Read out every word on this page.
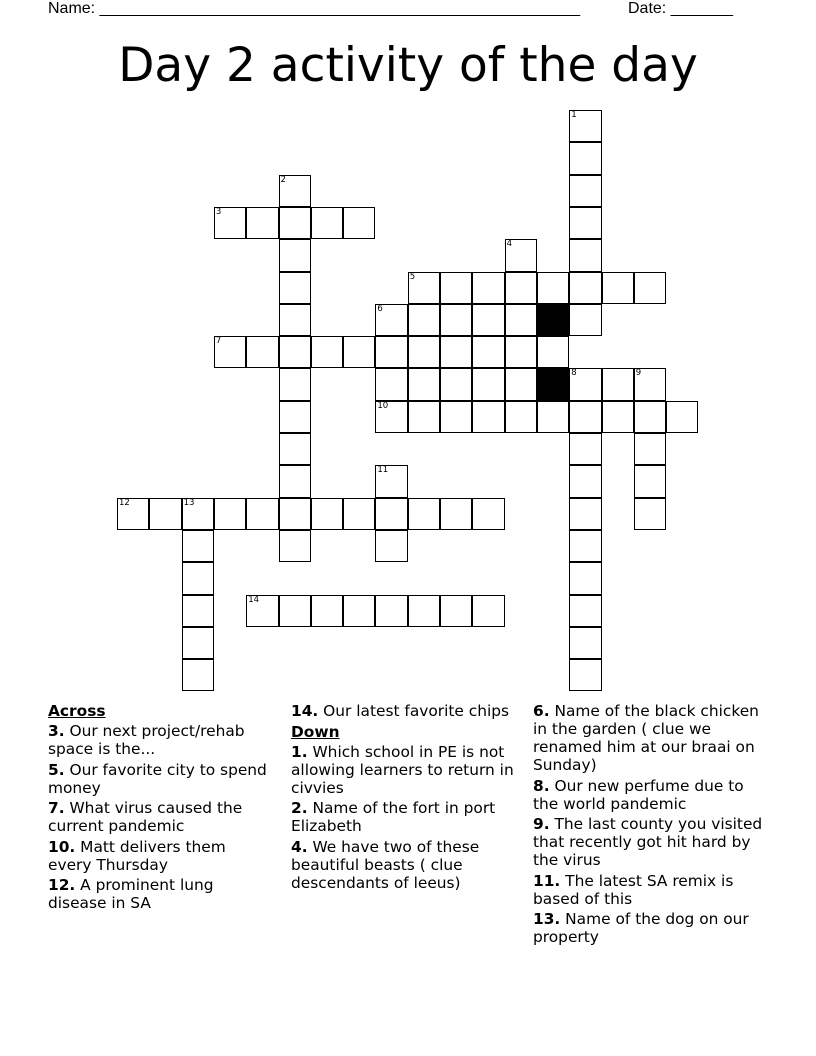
Name: ______________________________________________________	Date: _______
Day 2 activity of the day
1
2
3
4
5
6
10
7
8	9
11
12	13
14
Across
3. Our next project/rehab space is the...
5. Our favorite city to spend money
7. What virus caused the current pandemic
10. Matt delivers them every Thursday
12. A prominent lung disease in SA
14. Our latest favorite chips
Down
1. Which school in PE is not allowing learners to return in civvies
2. Name of the fort in port Elizabeth
4. We have two of these beautiful beasts ( clue descendants of leeus)
6. Name of the black chicken in the garden ( clue we renamed him at our braai on Sunday)
8. Our new perfume due to the world pandemic
9. The last county you visited that recently got hit hard by the virus
11. The latest SA remix is based of this
13. Name of the dog on our property
